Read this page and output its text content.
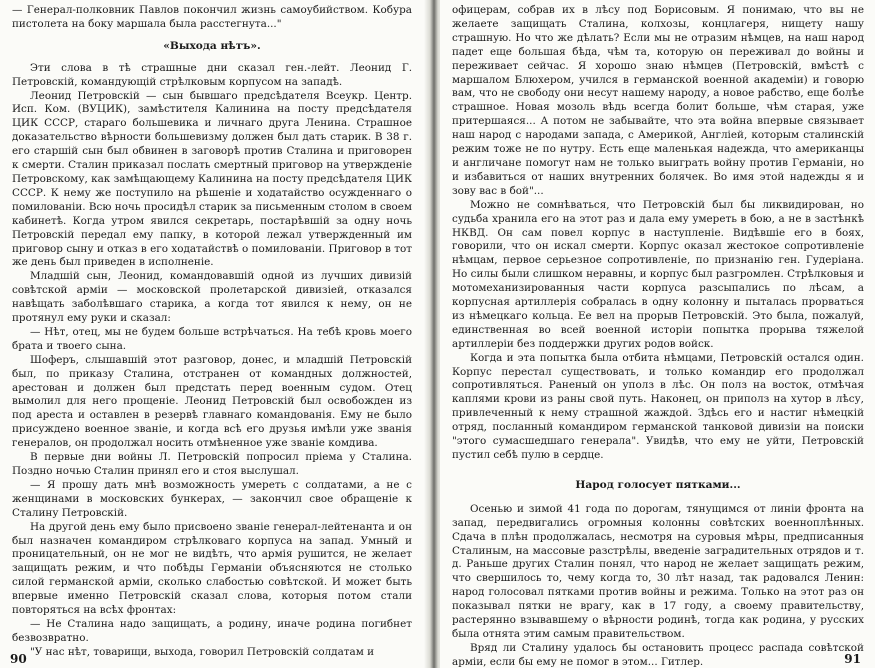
— Генерал-полковник Павлов покончил жизнь самоубийством. Кобура пистолета на боку маршала была расстегнута..."

«Выхода нѣтъ».

Эти слова в тѣ страшные дни сказал ген.-лейт. Леонид Г. Петровскій, командующій стрѣлковым корпусом на западѣ.

Леонид Петровскій — сын бывшаго предсѣдателя Всеукр. Центр. Исп. Ком. (ВУЦИК), замѣстителя Калинина на посту предсѣдателя ЦИК СССР, стараго большевика и личнаго друга Ленина. Страшное доказательство вѣрности большевизму должен был дать старик. В 38 г. его старшій сын был обвинен в заговорѣ против Сталина и приговорен к смерти. Сталин приказал послать смертный приговор на утвержденіе Петровскому, как замѣщающему Калинина на посту предсѣдателя ЦИК СССР. К нему же поступило на рѣшеніе и ходатайство осужденнаго о помилованіи. Всю ночь просидѣл старик за письменным столом в своем кабинетѣ. Когда утром явился секретарь, постарѣвшій за одну ночь Петровскій передал ему папку, в которой лежал утвержденный им приговор сыну и отказ в его ходатайствѣ о помилованіи. Приговор в тот же день был приведен в исполненіе.

Младшій сын, Леонид, командовавшій одной из лучших дивизій совѣтской арміи — московской пролетарской дивизіей, отказался навѣщать заболѣвшаго старика, а когда тот явился к нему, он не протянул ему руки и сказал:

— Нѣт, отец, мы не будем больше встрѣчаться. На тебѣ кровь моего брата и твоего сына.

Шоферъ, слышавшій этот разговор, донес, и младшій Петровскій был, по приказу Сталина, отстранен от командных должностей, арестован и должен был предстать перед военным судом. Отец вымолил для него прощеніе. Леонид Петровскій был освобожден из под ареста и оставлен в резервѣ главнаго командованія. Ему не было присуждено военное званіе, и когда всѣ его друзья имѣли уже званія генералов, он продолжал носить отмѣненное уже званіе комдива.

В первые дни войны Л. Петровскій попросил пріема у Сталина. Поздно ночью Сталин принял его и стоя выслушал.

— Я прошу дать мнѣ возможность умереть с солдатами, а не с женщинами в московских бункерах, — закончил свое обращеніе к Сталину Петровскій.

На другой день ему было присвоено званіе генерал-лейтенанта и он был назначен командиром стрѣлковаго корпуса на запад. Умный и проницательный, он не мог не видѣть, что армія рушится, не желает защищать режим, и что побѣды Германіи объясняются не столько силой германской арміи, сколько слабостью совѣтской. И может быть впервые именно Петровскій сказал слова, которыя потом стали повторяться на всѣх фронтах:

— Не Сталина надо защищать, а родину, иначе родина погибнет безвозвратно.

"У нас нѣт, товарищи, выхода, говорил Петровскій солдатам и

90

офицерам, собрав их в лѣсу под Борисовым. Я понимаю, что вы не желаете защищать Сталина, колхозы, концлагеря, нищету нашу страшную. Но что же дѣлать? Если мы не отразим нѣмцев, на наш народ падет еще большая бѣда, чѣм та, которую он переживал до войны и переживает сейчас. Я хорошо знаю нѣмцев (Петровскій, вмѣстѣ с маршалом Блюхером, учился в германской военной академіи) и говорю вам, что не свободу они несут нашему народу, а новое рабство, еще болѣе страшное. Новая мозоль вѣдь всегда болит больше, чѣм старая, уже притершаяся... А потом не забывайте, что эта война впервые связывает наш народ с народами запада, с Америкой, Англіей, которым сталинскій режим тоже не по нутру. Есть еще маленькая надежда, что американцы и англичане помогут нам не только выиграть войну против Германіи, но и избавиться от наших внутренних болячек. Во имя этой надежды я и зову вас в бой"...

Можно не сомнѣваться, что Петровскій был бы ликвидирован, но судьба хранила его на этот раз и дала ему умереть в бою, а не в застѣнкѣ НКВД. Он сам повел корпус в наступленіе. Видѣвшіе его в боях, говорили, что он искал смерти. Корпус оказал жестокое сопротивленіе нѣмцам, первое серьезное сопротивленіе, по признанію ген. Гудеріана. Но силы были слишком неравны, и корпус был разгромлен. Стрѣлковыя и мотомеханизированныя части корпуса разсыпались по лѣсам, а корпусная артиллерія собралась в одну колонну и пыталась прорваться из нѣмецкаго кольца. Ее вел на прорыв Петровскій. Это была, пожалуй, единственная во всей военной исторіи попытка прорыва тяжелой артиллеріи без поддержки других родов войск.

Когда и эта попытка была отбита нѣмцами, Петровскій остался один. Корпус перестал существовать, и только командир его продолжал сопротивляться. Раненый он уполз в лѣс. Он полз на восток, отмѣчая каплями крови из раны свой путь. Наконец, он приполз на хутор в лѣсу, привлеченный к нему страшной жаждой. Здѣсь его и настиг нѣмецкій отряд, посланный командиром германской танковой дивизіи на поиски "этого сумасшедшаго генерала". Увидѣв, что ему не уйти, Петровскій пустил себѣ пулю в сердце.

Народ голосует пятками...

Осенью и зимой 41 года по дорогам, тянущимся от линіи фронта на запад, передвигались огромныя колонны совѣтских военноплѣнных. Сдача в плѣн продолжалась, несмотря на суровыя мѣры, предписанныя Сталиным, на массовые разстрѣлы, введеніе заградительных отрядов и т. д. Раньше других Сталин понял, что народ не желает защищать режим, что свершилось то, чему когда то, 30 лѣт назад, так радовался Ленин: народ голосовал пятками против войны и режима. Только на этот раз он показывал пятки не врагу, как в 17 году, а своему правительству, растерянно взывавшему о вѣрности родинѣ, тогда как родина, у русских была отнята этим самым правительством.

Вряд ли Сталину удалось бы остановить процесс распада совѣтской арміи, если бы ему не помог в этом... Гитлер.	91
